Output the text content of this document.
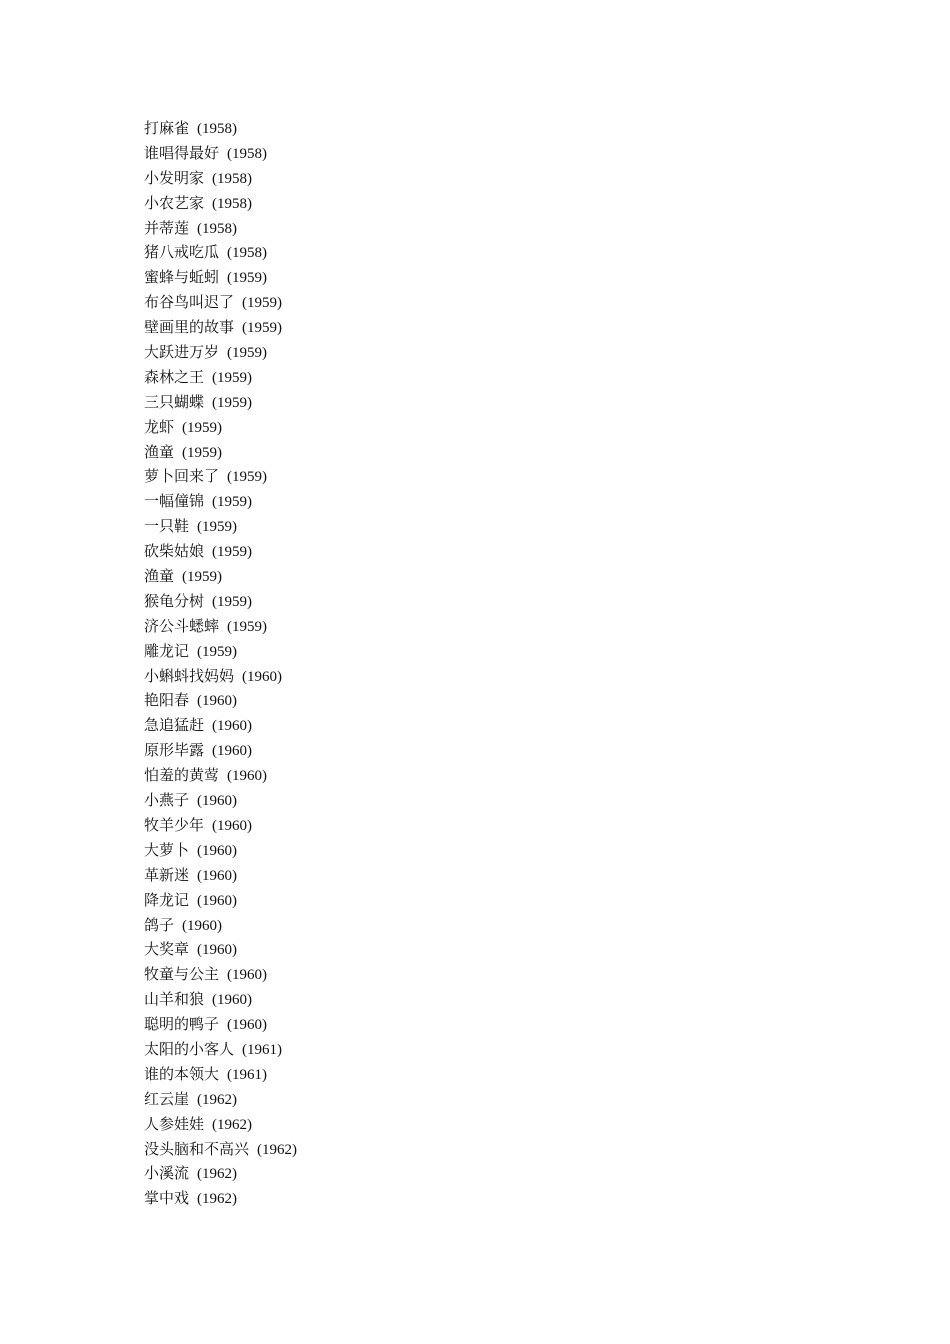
打麻雀 (1958)
谁唱得最好 (1958)
小发明家 (1958)
小农艺家 (1958)
并蒂莲 (1958)
猪八戒吃瓜 (1958)
蜜蜂与蚯蚓 (1959)
布谷鸟叫迟了 (1959)
壁画里的故事 (1959)
大跃进万岁 (1959)
森林之王 (1959)
三只蝴蝶 (1959)
龙虾 (1959)
渔童 (1959)
萝卜回来了 (1959)
一幅僮锦 (1959)
一只鞋 (1959)
砍柴姑娘 (1959)
渔童 (1959)
猴龟分树 (1959)
济公斗蟋蟀 (1959)
雕龙记 (1959)
小蝌蚪找妈妈 (1960)
艳阳春 (1960)
急追猛赶 (1960)
原形毕露 (1960)
怕羞的黄莺 (1960)
小燕子 (1960)
牧羊少年 (1960)
大萝卜 (1960)
革新迷 (1960)
降龙记 (1960)
鸽子 (1960)
大奖章 (1960)
牧童与公主 (1960)
山羊和狼 (1960)
聪明的鸭子 (1960)
太阳的小客人 (1961)
谁的本领大 (1961)
红云崖 (1962)
人参娃娃 (1962)
没头脑和不高兴 (1962)
小溪流 (1962)
掌中戏 (1962)
